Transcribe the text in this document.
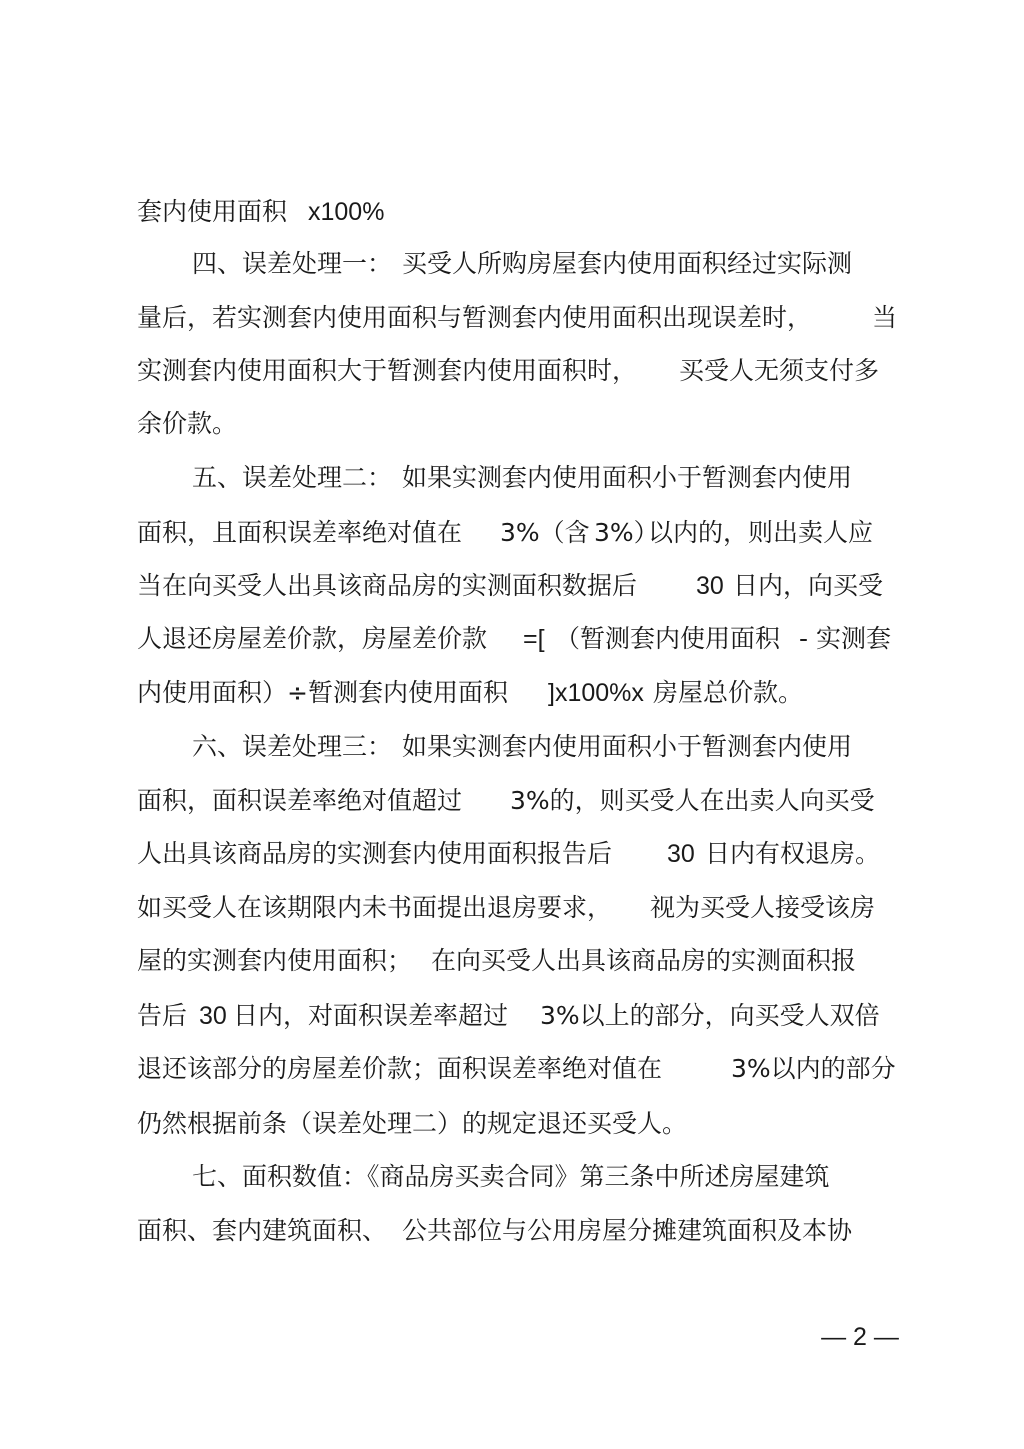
套内使用面积 x100%
四、误差处理一： 买受人所购房屋套内使用面积经过实际测
量后，若实测套内使用面积与暂测套内使用面积出现误差时， 当
实测套内使用面积大于暂测套内使用面积时， 买受人无须支付多
余价款。
五、误差处理二： 如果实测套内使用面积小于暂测套内使用
面积，且面积误差率绝对值在 3%（含 3%）
以内的，则出卖人应
当在向买受人出具该商品房的实测面积数据后 30 日内，向买受
人退还房屋差价款，房屋差价款 =[ （暂测套内使用面积 - 实测套
内使用面积）÷暂测套内使用面积 ]x100%x 房屋总价款。
六、误差处理三： 如果实测套内使用面积小于暂测套内使用
面积，面积误差率绝对值超过 3%的，则买受人在出卖人向买受
人出具该商品房的实测套内使用面积报告后 30 日内有权退房。
如买受人在该期限内未书面提出退房要求， 视为买受人接受该房
屋的实测套内使用面积； 在向买受人出具该商品房的实测面积报
告后 30 日内，对面积误差率超过 3%以上的部分，向买受人双倍
退还该部分的房屋差价款；面积误差率绝对值在	3%以内的部分
仍然根据前条（误差处理二）的规定退还买受人。
七、面积数值：《商品房买卖合同》第三条中所述房屋建筑
面积、套内建筑面积、 公共部位与公用房屋分摊建筑面积及本协
— 2 —
